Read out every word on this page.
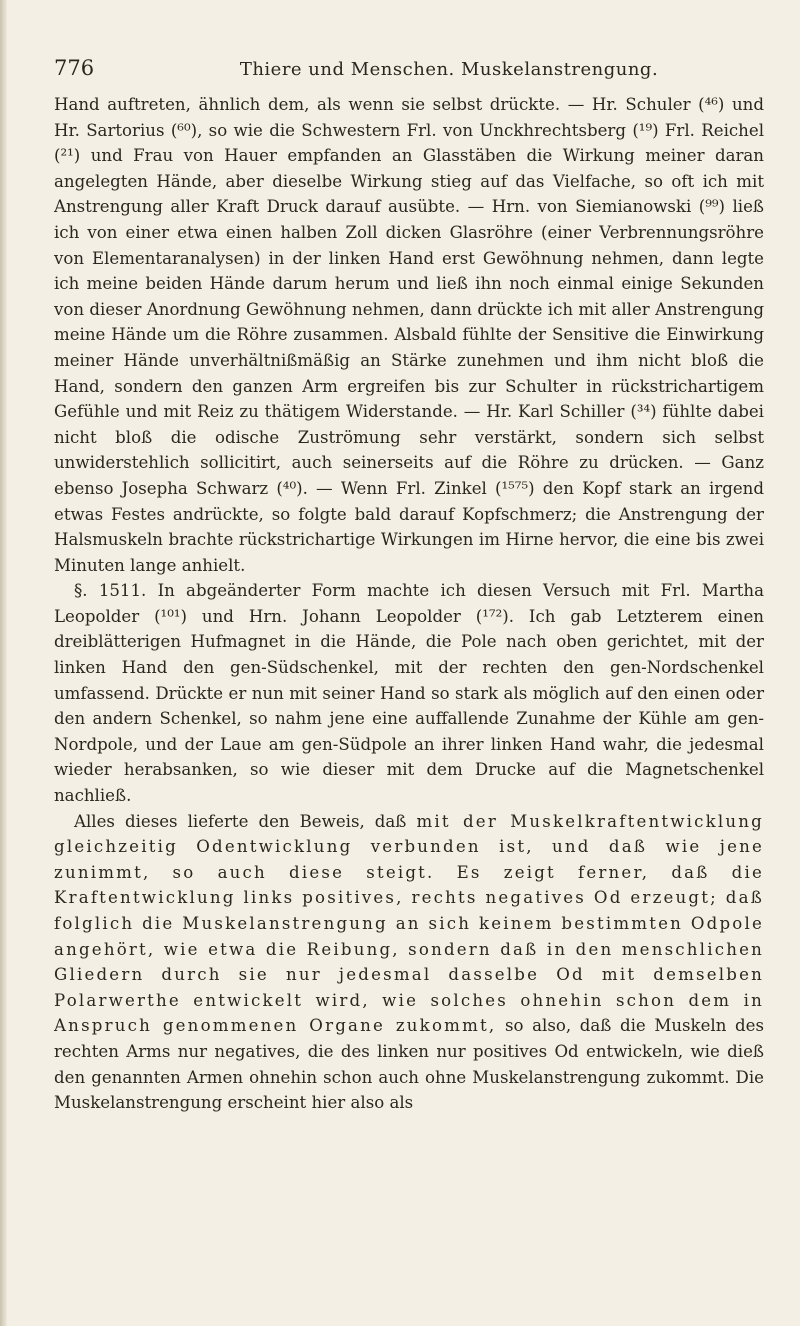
776	Thiere und Menschen. Muskelanstrengung.

Hand auftreten, ähnlich dem, als wenn sie selbst drückte. — Hr. Schuler (⁴⁶) und Hr. Sartorius (⁶⁰), so wie die Schwestern Frl. von Unckhrechtsberg (¹⁹) Frl. Reichel (²¹) und Frau von Hauer empfanden an Glasstäben die Wirkung meiner daran angelegten Hände, aber dieselbe Wirkung stieg auf das Vielfache, so oft ich mit Anstrengung aller Kraft Druck darauf ausübte. — Hrn. von Siemianowski (⁹⁹) ließ ich von einer etwa einen halben Zoll dicken Glasröhre (einer Verbrennungsröhre von Elementaranalysen) in der linken Hand erst Gewöhnung nehmen, dann legte ich meine beiden Hände darum herum und ließ ihn noch einmal einige Sekunden von dieser Anordnung Gewöhnung nehmen, dann drückte ich mit aller Anstrengung meine Hände um die Röhre zusammen. Alsbald fühlte der Sensitive die Einwirkung meiner Hände unverhältnißmäßig an Stärke zunehmen und ihm nicht bloß die Hand, sondern den ganzen Arm ergreifen bis zur Schulter in rückstrichartigem Gefühle und mit Reiz zu thätigem Widerstande. — Hr. Karl Schiller (³⁴) fühlte dabei nicht bloß die odische Zuströmung sehr verstärkt, sondern sich selbst unwiderstehlich sollicitirt, auch seinerseits auf die Röhre zu drücken. — Ganz ebenso Josepha Schwarz (⁴⁰). — Wenn Frl. Zinkel (¹⁵⁷⁵) den Kopf stark an irgend etwas Festes andrückte, so folgte bald darauf Kopfschmerz; die Anstrengung der Halsmuskeln brachte rückstrichartige Wirkungen im Hirne hervor, die eine bis zwei Minuten lange anhielt.

§. 1511. In abgeänderter Form machte ich diesen Versuch mit Frl. Martha Leopolder (¹⁰¹) und Hrn. Johann Leopolder (¹⁷²). Ich gab Letzterem einen dreiblätterigen Hufmagnet in die Hände, die Pole nach oben gerichtet, mit der linken Hand den gen-Südschenkel, mit der rechten den gen-Nordschenkel umfassend. Drückte er nun mit seiner Hand so stark als möglich auf den einen oder den andern Schenkel, so nahm jene eine auffallende Zunahme der Kühle am gen-Nordpole, und der Laue am gen-Südpole an ihrer linken Hand wahr, die jedesmal wieder herabsanken, so wie dieser mit dem Drucke auf die Magnetschenkel nachließ.

Alles dieses lieferte den Beweis, daß mit der Muskelkraftentwicklung gleichzeitig Odentwicklung verbunden ist, und daß wie jene zunimmt, so auch diese steigt. Es zeigt ferner, daß die Kraftentwicklung links positives, rechts negatives Od erzeugt; daß folglich die Muskelanstrengung an sich keinem bestimmten Odpole angehört, wie etwa die Reibung, sondern daß in den menschlichen Gliedern durch sie nur jedesmal dasselbe Od mit demselben Polarwerthe entwickelt wird, wie solches ohnehin schon dem in Anspruch genommenen Organe zukommt, so also, daß die Muskeln des rechten Arms nur negatives, die des linken nur positives Od entwickeln, wie dieß den genannten Armen ohnehin schon auch ohne Muskelanstrengung zukommt. Die Muskelanstrengung erscheint hier also als
